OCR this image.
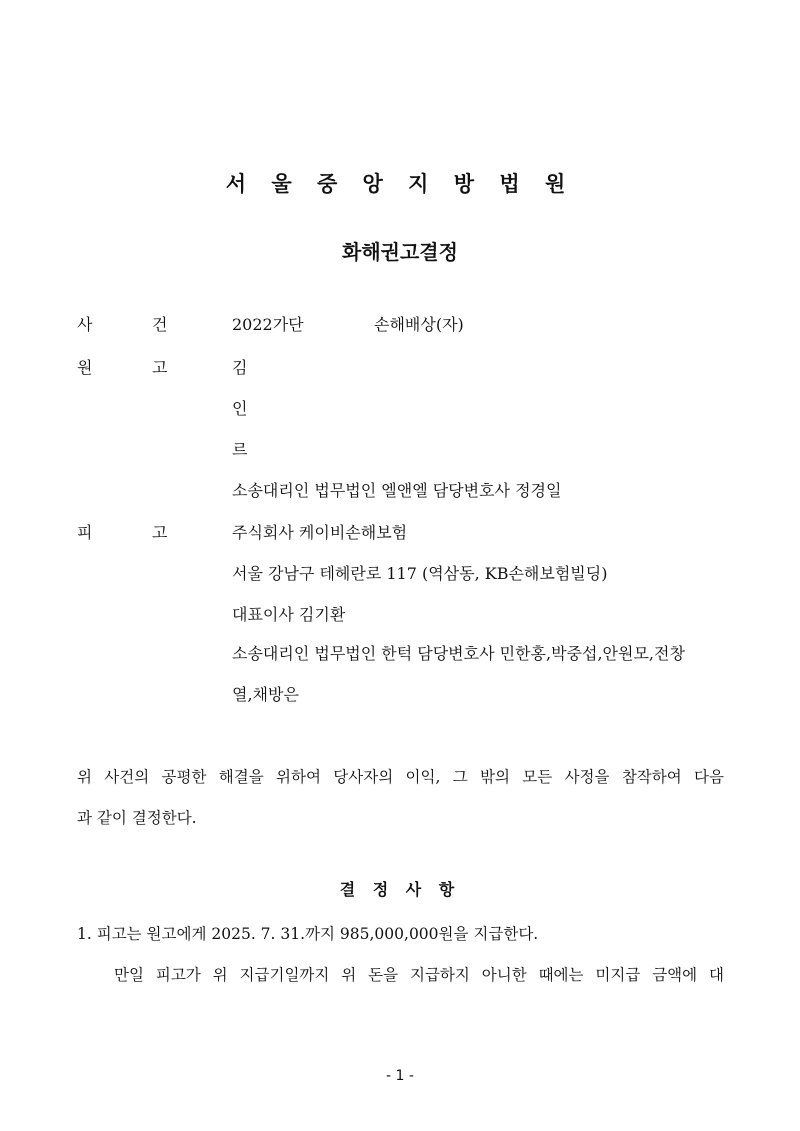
서 울 중 앙 지 방 법 원
화해권고결정
사	건	2022가단	손해배상(자)
원	고	김
인
르
소송대리인 법무법인 엘앤엘 담당변호사 정경일
피	고	주식회사 케이비손해보험
서울 강남구 테헤란로 117 (역삼동, KB손해보험빌딩)
대표이사 김기환
소송대리인 법무법인 한턱 담당변호사 민한홍,박중섭,안원모,전창
열,채방은
위 사건의 공평한 해결을 위하여 당사자의 이익, 그 밖의 모든 사정을 참작하여 다음
과 같이 결정한다.
결 정 사 항
1. 피고는 원고에게 2025. 7. 31.까지 985,000,000원을 지급한다.
만일 피고가 위 지급기일까지 위 돈을 지급하지 아니한 때에는 미지급 금액에 대
- 1 -
